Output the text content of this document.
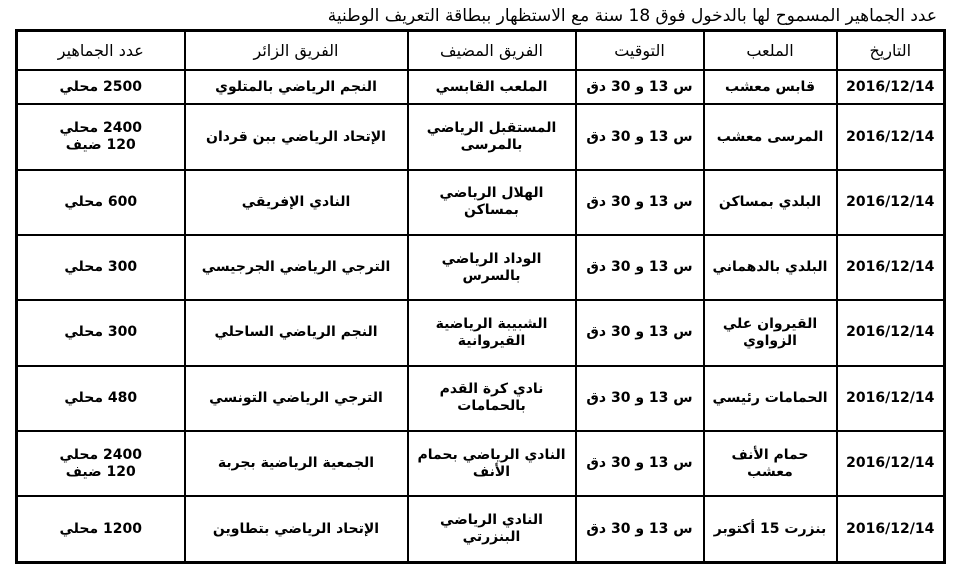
عدد الجماهير المسموح لها بالدخول فوق 18 سنة مع الاستظهار ببطاقة التعريف الوطنية
التاريخ	الملعب	التوقيت	الفريق المضيف	الفريق الزائر	عدد الجماهير
2016/12/14	قابس معشب	س 13 و 30 دق	الملعب القابسي	النجم الرياضي بالمتلوي	2500 محلي

2016/12/14	المرسى معشب	س 13 و 30 دق	المستقبل الرياضي بالمرسى	الإتحاد الرياضي ببن قردان	2400 محلي
120 ضيف

2016/12/14	البلدي بمساكن	س 13 و 30 دق	الهلال الرياضي بمساكن	النادي الإفريقي	600 محلي

2016/12/14	البلدي بالدهماني	س 13 و 30 دق	الوداد الرياضي بالسرس	الترجي الرياضي الجرجيسي	300 محلي

2016/12/14	القيروان علي الزواوي	س 13 و 30 دق	الشبيبة الرياضية القيروانية	النجم الرياضي الساحلي	300 محلي

2016/12/14	الحمامات رئيسي	س 13 و 30 دق	نادي كرة القدم بالحمامات	الترجي الرياضي التونسي	480 محلي

2016/12/14	حمام الأنف معشب	س 13 و 30 دق	النادي الرياضي بحمام الأنف	الجمعية الرياضية بجربة	2400 محلي
120 ضيف

2016/12/14	بنزرت 15 أكتوبر	س 13 و 30 دق	النادي الرياضي البنزرتي	الإتحاد الرياضي بتطاوين	1200 محلي
